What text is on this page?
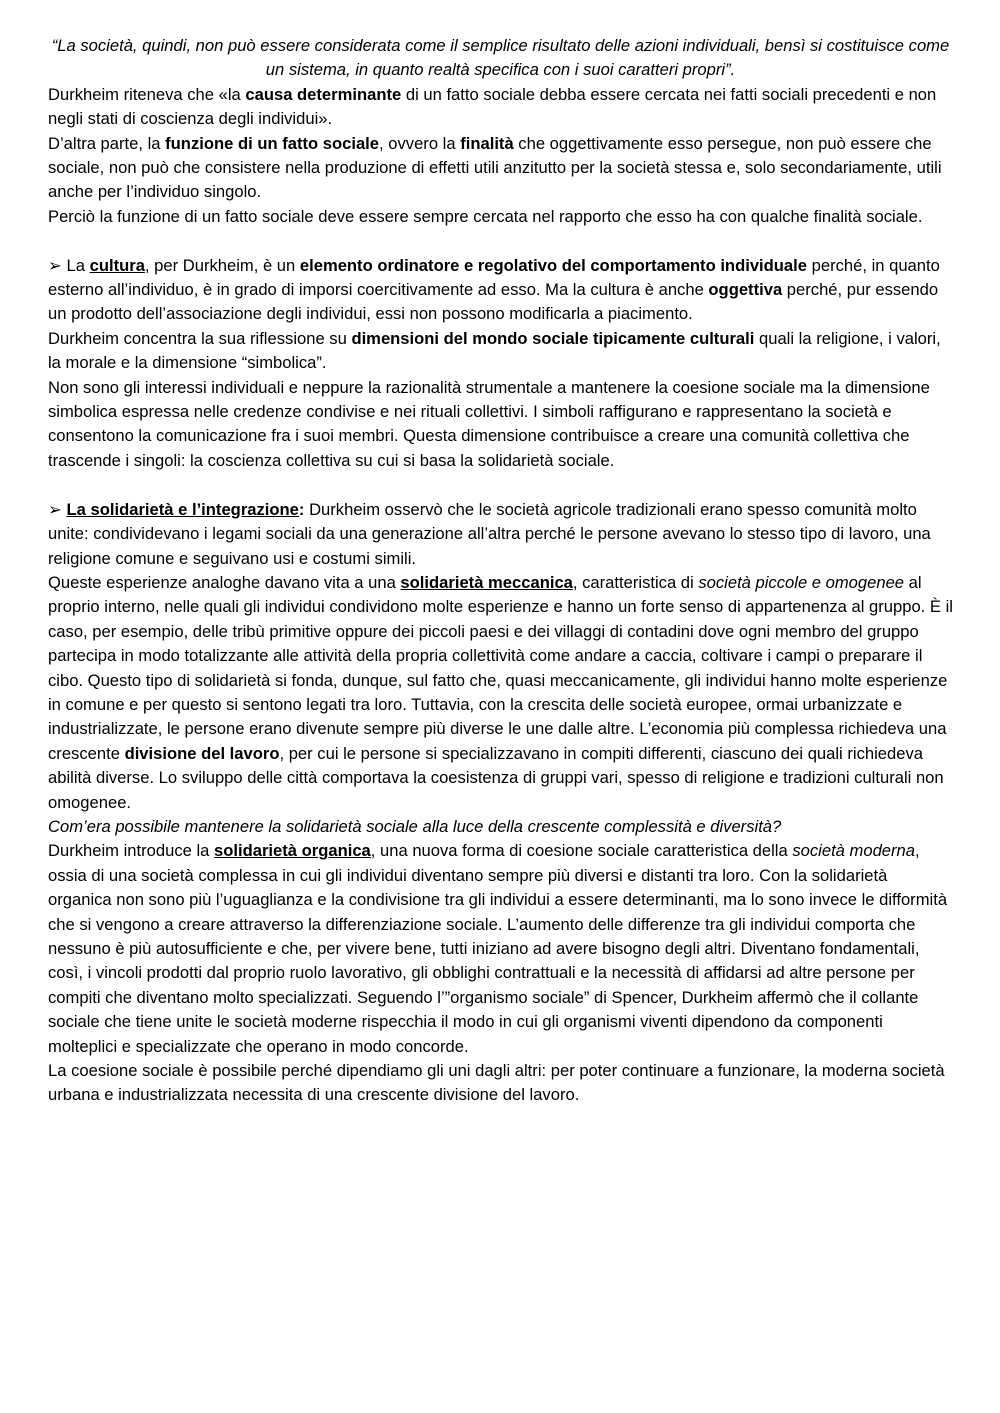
“La società, quindi, non può essere considerata come il semplice risultato delle azioni individuali, bensì si costituisce come un sistema, in quanto realtà specifica con i suoi caratteri propri”.

Durkheim riteneva che «la causa determinante di un fatto sociale debba essere cercata nei fatti sociali precedenti e non negli stati di coscienza degli individui».

D’altra parte, la funzione di un fatto sociale, ovvero la finalità che oggettivamente esso persegue, non può essere che sociale, non può che consistere nella produzione di effetti utili anzitutto per la società stessa e, solo secondariamente, utili anche per l’individuo singolo.

Perciò la funzione di un fatto sociale deve essere sempre cercata nel rapporto che esso ha con qualche finalità sociale.

➢ La cultura, per Durkheim, è un elemento ordinatore e regolativo del comportamento individuale perché, in quanto esterno all’individuo, è in grado di imporsi coercitivamente ad esso. Ma la cultura è anche oggettiva perché, pur essendo un prodotto dell’associazione degli individui, essi non possono modificarla a piacimento.

Durkheim concentra la sua riflessione su dimensioni del mondo sociale tipicamente culturali quali la religione, i valori, la morale e la dimensione “simbolica”.

Non sono gli interessi individuali e neppure la razionalità strumentale a mantenere la coesione sociale ma la dimensione simbolica espressa nelle credenze condivise e nei rituali collettivi. I simboli raffigurano e rappresentano la società e consentono la comunicazione fra i suoi membri. Questa dimensione contribuisce a creare una comunità collettiva che trascende i singoli: la coscienza collettiva su cui si basa la solidarietà sociale.

➢ La solidarietà e l’integrazione: Durkheim osservò che le società agricole tradizionali erano spesso comunità molto unite: condividevano i legami sociali da una generazione all’altra perché le persone avevano lo stesso tipo di lavoro, una religione comune e seguivano usi e costumi simili.

Queste esperienze analoghe davano vita a una solidarietà meccanica, caratteristica di società piccole e omogenee al proprio interno, nelle quali gli individui condividono molte esperienze e hanno un forte senso di appartenenza al gruppo. È il caso, per esempio, delle tribù primitive oppure dei piccoli paesi e dei villaggi di contadini dove ogni membro del gruppo partecipa in modo totalizzante alle attività della propria collettività come andare a caccia, coltivare i campi o preparare il cibo. Questo tipo di solidarietà si fonda, dunque, sul fatto che, quasi meccanicamente, gli individui hanno molte esperienze in comune e per questo si sentono legati tra loro. Tuttavia, con la crescita delle società europee, ormai urbanizzate e industrializzate, le persone erano divenute sempre più diverse le une dalle altre. L’economia più complessa richiedeva una crescente divisione del lavoro, per cui le persone si specializzavano in compiti differenti, ciascuno dei quali richiedeva abilità diverse. Lo sviluppo delle città comportava la coesistenza di gruppi vari, spesso di religione e tradizioni culturali non omogenee.

Com’era possibile mantenere la solidarietà sociale alla luce della crescente complessità e diversità?

Durkheim introduce la solidarietà organica, una nuova forma di coesione sociale caratteristica della società moderna, ossia di una società complessa in cui gli individui diventano sempre più diversi e distanti tra loro. Con la solidarietà organica non sono più l’uguaglianza e la condivisione tra gli individui a essere determinanti, ma lo sono invece le difformità che si vengono a creare attraverso la differenziazione sociale. L’aumento delle differenze tra gli individui comporta che nessuno è più autosufficiente e che, per vivere bene, tutti iniziano ad avere bisogno degli altri. Diventano fondamentali, così, i vincoli prodotti dal proprio ruolo lavorativo, gli obblighi contrattuali e la necessità di affidarsi ad altre persone per compiti che diventano molto specializzati. Seguendo l’”organismo sociale” di Spencer, Durkheim affermò che il collante sociale che tiene unite le società moderne rispecchia il modo in cui gli organismi viventi dipendono da componenti molteplici e specializzate che operano in modo concorde.

La coesione sociale è possibile perché dipendiamo gli uni dagli altri: per poter continuare a funzionare, la moderna società urbana e industrializzata necessita di una crescente divisione del lavoro.
